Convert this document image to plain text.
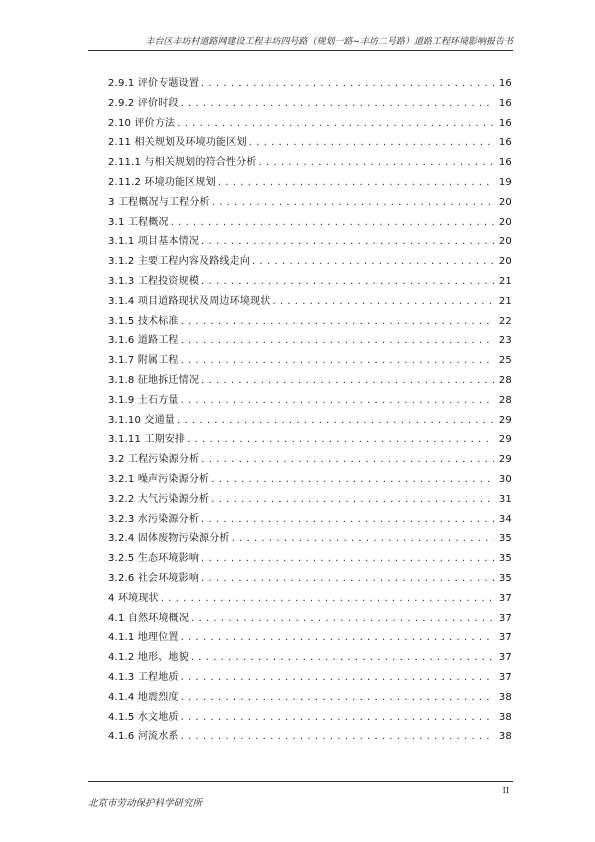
丰台区丰坊村道路网建设工程丰坊四号路（规划一路~丰坊二号路）道路工程环境影响报告书
2.9.1 评价专题设置 . . .	16
2.9.2 评价时段 . . .	16
2.10 评价方法 . . .	16
2.11 相关规划及环境功能区划 . . .	16
2.11.1 与相关规划的符合性分析 . . .	16
2.11.2 环境功能区规划 . . .	19
3 工程概况与工程分析 . . .	20
3.1 工程概况 . . .	20
3.1.1 项目基本情况 . . .	20
3.1.2 主要工程内容及路线走向 . . .	20
3.1.3 工程投资规模 . . .	21
3.1.4 项目道路现状及周边环境现状 . . .	21
3.1.5 技术标准 . . .	22
3.1.6 道路工程 . . .	23
3.1.7 附属工程 . . .	25
3.1.8 征地拆迁情况 . . .	28
3.1.9 土石方量 . . .	28
3.1.10 交通量 . . .	29
3.1.11 工期安排 . . .	29
3.2 工程污染源分析 . . .	29
3.2.1 噪声污染源分析 . . .	30
3.2.2 大气污染源分析 . . .	31
3.2.3 水污染源分析 . . .	34
3.2.4 固体废物污染源分析 . . .	35
3.2.5 生态环境影响 . . .	35
3.2.6 社会环境影响 . . .	35
4 环境现状 . . .	37
4.1 自然环境概况 . . .	37
4.1.1 地理位置 . . .	37
4.1.2 地形、地貌 . . .	37
4.1.3 工程地质 . . .	37
4.1.4 地震烈度 . . .	38
4.1.5 水文地质 . . .	38
4.1.6 河流水系 . . .	38
北京市劳动保护科学研究所
II
